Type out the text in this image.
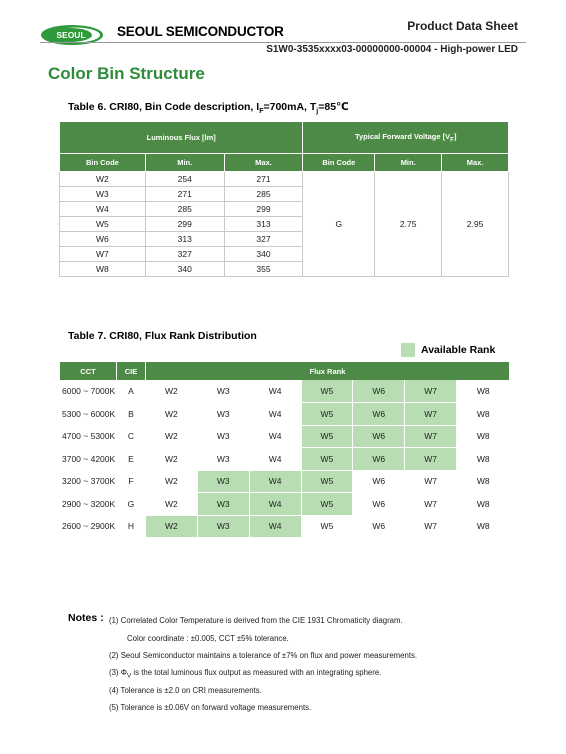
SEOUL SEOUL SEMICONDUCTOR	Product Data Sheet
S1W0-3535xxxx03-00000000-00004 - High-power LED
Color Bin Structure
Table 6. CRI80, Bin Code description, $I_F=700mA$, $T_j=85℃$
Luminous Flux [lm]			Typical Forward Voltage $[V_F]$		
Bin Code	Min.	Max.	Bin Code	Min.	Max.
W2	254	271	G	2.75	2.95
W3	271	285			
W4	285	299			
W5	299	313			
W6	313	327			
W7	327	340			
W8	340	355			
Table 7. CRI80, Flux Rank Distribution
Available Rank
CCT	CIE	Flux Rank						
6000 ~ 7000K	A	W2	W3	W4	W5	W6	W7	W8
5300 ~ 6000K	B	W2	W3	W4	W5	W6	W7	W8
4700 ~ 5300K	C	W2	W3	W4	W5	W6	W7	W8
3700 ~ 4200K	E	W2	W3	W4	W5	W6	W7	W8
3200 ~ 3700K	F	W2	W3	W4	W5	W6	W7	W8
2900 ~ 3200K	G	W2	W3	W4	W5	W6	W7	W8
2600 ~ 2900K	H	W2	W3	W4	W5	W6	W7	W8
Notes : (1) Correlated Color Temperature is derived from the CIE 1931 Chromaticity diagram.
Color coordinate : ±0.005, CCT ±5% tolerance.
(2) Seoul Semiconductor maintains a tolerance of ±7% on flux and power measurements.
(3) $\Phi_V$ is the total luminous flux output as measured with an integrating sphere.
(4) Tolerance is ±2.0 on CRI measurements.
(5) Tolerance is ±0.06V on forward voltage measurements.
